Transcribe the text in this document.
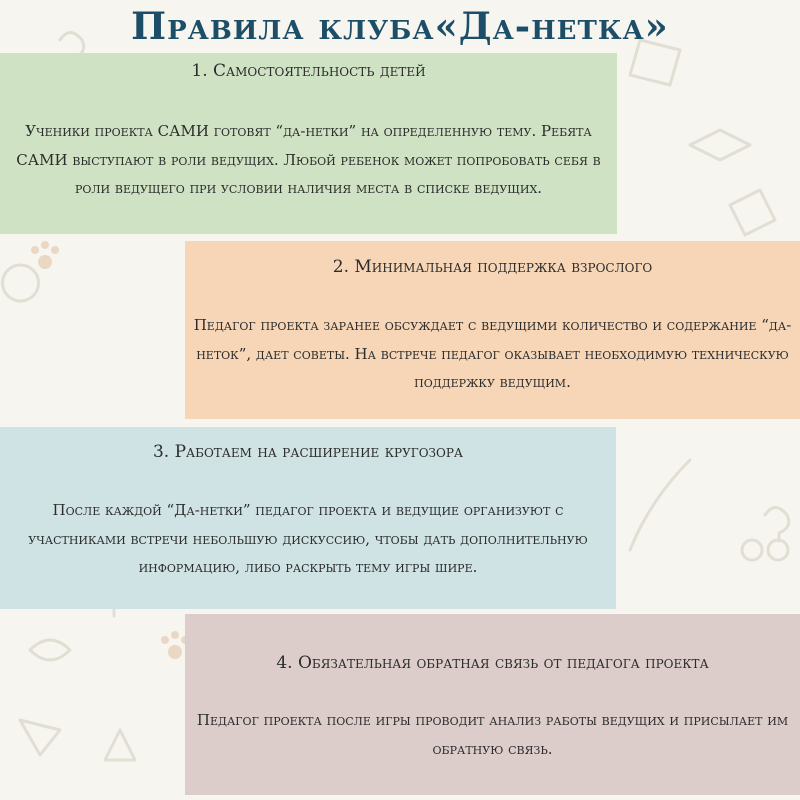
Правила клуба«Да-нетка»

1. Самостоятельность детей

Ученики проекта САМИ готовят “да-нетки” на определенную тему. Ребята САМИ выступают в роли ведущих. Любой ребенок может попробовать себя в роли ведущего при условии наличия места в списке ведущих.

2. Минимальная поддержка взрослого

Педагог проекта заранее обсуждает с ведущими количество и содержание “да-неток”, дает советы. На встрече педагог оказывает необходимую техническую поддержку ведущим.

3. Работаем на расширение кругозора

После каждой “Да-нетки” педагог проекта и ведущие организуют с участниками встречи небольшую дискуссию, чтобы дать дополнительную информацию, либо раскрыть тему игры шире.

4. Обязательная обратная связь от педагога проекта

Педагог проекта после игры проводит анализ работы ведущих и присылает им обратную связь.
